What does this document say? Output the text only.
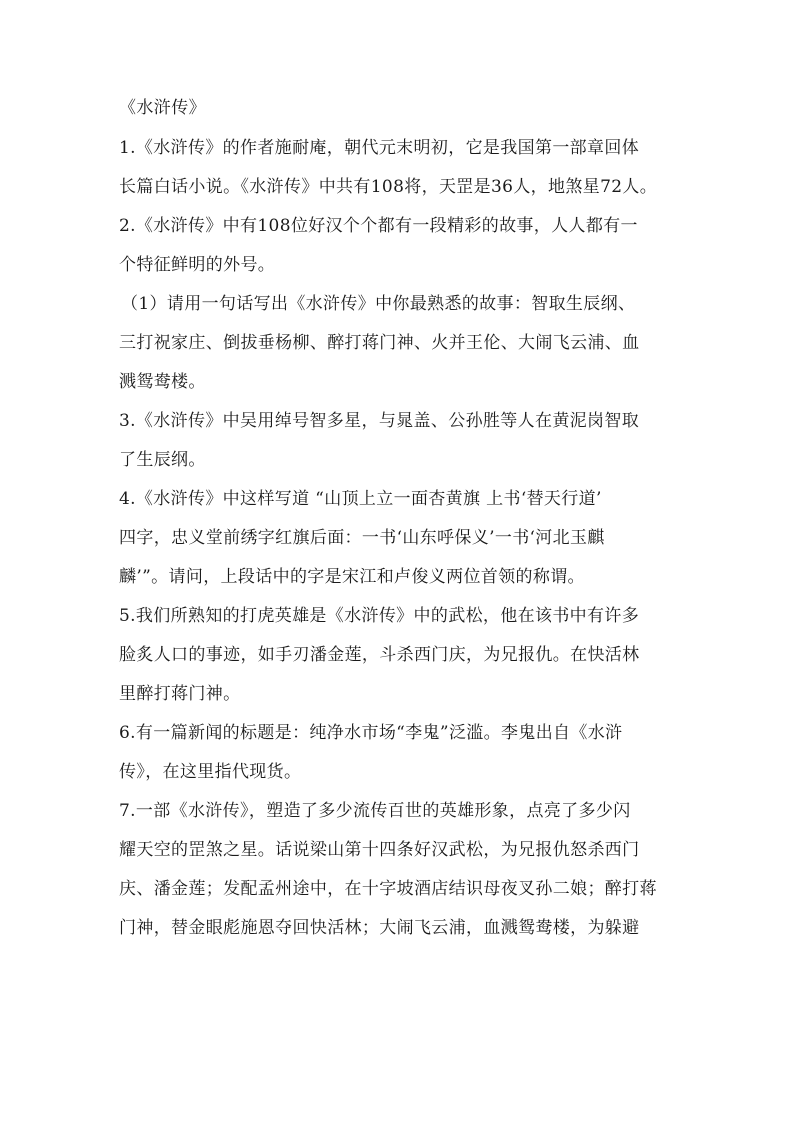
《水浒传》
1.《水浒传》的作者施耐庵，朝代元末明初，它是我国第一部章回体
长篇白话小说。《水浒传》中共有108将，天罡是36人，地煞星72人。
2.《水浒传》中有108位好汉个个都有一段精彩的故事，人人都有一
个特征鲜明的外号。
（1）请用一句话写出《水浒传》中你最熟悉的故事：智取生辰纲、
三打祝家庄、倒拔垂杨柳、醉打蒋门神、火并王伦、大闹飞云浦、血
溅鸳鸯楼。
3.《水浒传》中吴用绰号智多星，与晁盖、公孙胜等人在黄泥岗智取
了生辰纲。
4.《水浒传》中这样写道 “山顶上立一面杏黄旗 上书‘替天行道’
四字，忠义堂前绣字红旗后面：一书‘山东呼保义’一书‘河北玉麒
麟’”。请问，上段话中的字是宋江和卢俊义两位首领的称谓。
5.我们所熟知的打虎英雄是《水浒传》中的武松，他在该书中有许多
脸炙人口的事迹，如手刃潘金莲，斗杀西门庆，为兄报仇。在快活林
里醉打蒋门神。
6.有一篇新闻的标题是：纯净水市场“李鬼”泛滥。李鬼出自《水浒
传》，在这里指代现货。
7.一部《水浒传》，塑造了多少流传百世的英雄形象，点亮了多少闪
耀天空的罡煞之星。话说梁山第十四条好汉武松，为兄报仇怒杀西门
庆、潘金莲；发配孟州途中，在十字坡酒店结识母夜叉孙二娘；醉打蒋
门神，替金眼彪施恩夺回快活林；大闹飞云浦，血溅鸳鸯楼，为躲避
